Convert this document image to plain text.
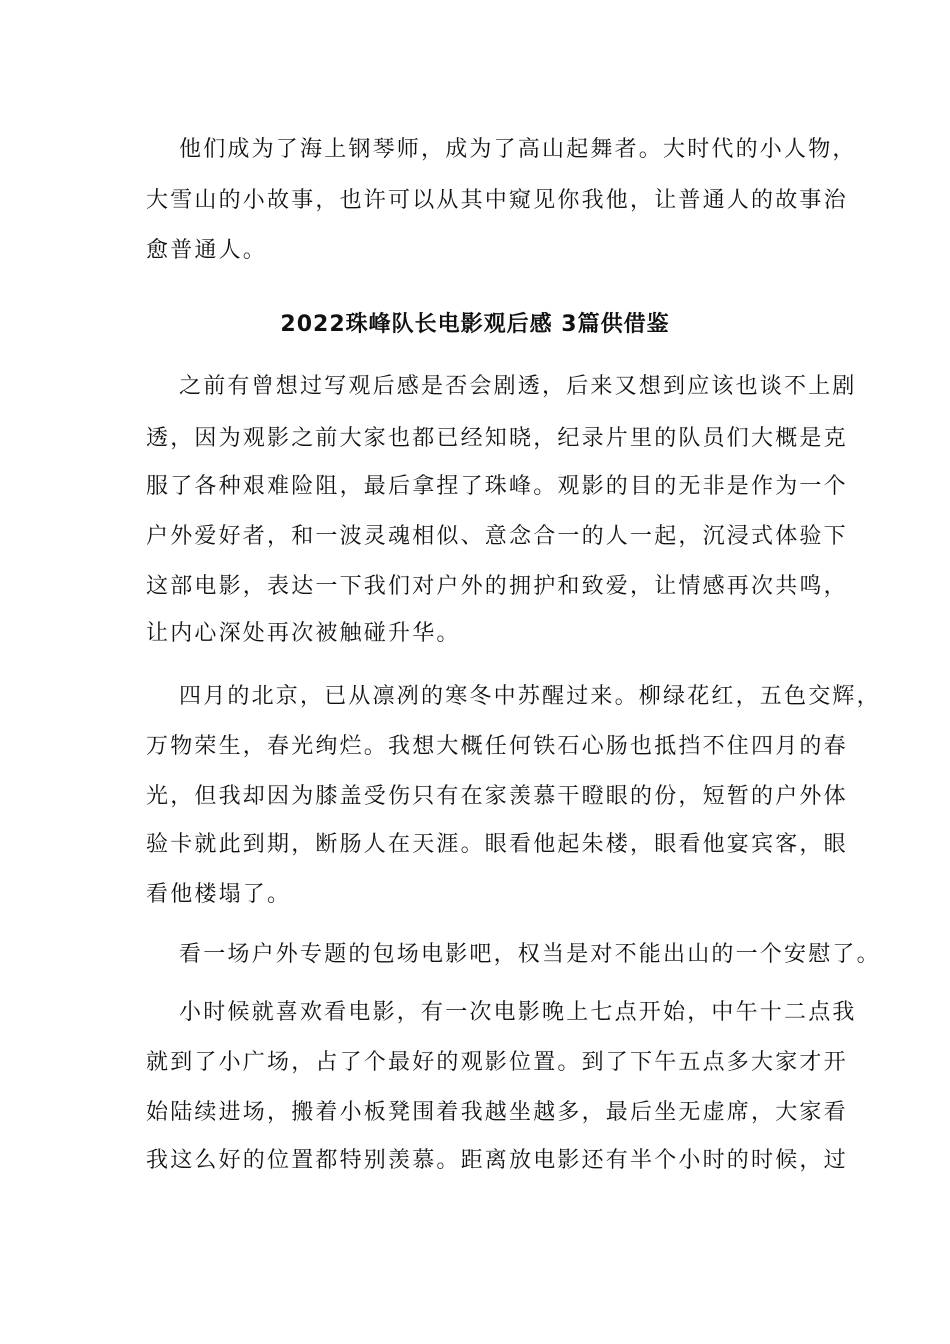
他们成为了海上钢琴师，成为了高山起舞者。大时代的小人物，
大雪山的小故事，也许可以从其中窥见你我他，让普通人的故事治
愈普通人。
2022珠峰队长电影观后感 3篇供借鉴
之前有曾想过写观后感是否会剧透，后来又想到应该也谈不上剧
透，因为观影之前大家也都已经知晓，纪录片里的队员们大概是克
服了各种艰难险阻，最后拿捏了珠峰。观影的目的无非是作为一个
户外爱好者，和一波灵魂相似、意念合一的人一起，沉浸式体验下
这部电影，表达一下我们对户外的拥护和致爱，让情感再次共鸣，
让内心深处再次被触碰升华。
四月的北京，已从凛冽的寒冬中苏醒过来。柳绿花红，五色交辉，
万物荣生，春光绚烂。我想大概任何铁石心肠也抵挡不住四月的春
光，但我却因为膝盖受伤只有在家羡慕干瞪眼的份，短暂的户外体
验卡就此到期，断肠人在天涯。眼看他起朱楼，眼看他宴宾客，眼
看他楼塌了。
看一场户外专题的包场电影吧，权当是对不能出山的一个安慰了。
小时候就喜欢看电影，有一次电影晚上七点开始，中午十二点我
就到了小广场，占了个最好的观影位置。到了下午五点多大家才开
始陆续进场，搬着小板凳围着我越坐越多，最后坐无虚席，大家看
我这么好的位置都特别羡慕。距离放电影还有半个小时的时候，过
